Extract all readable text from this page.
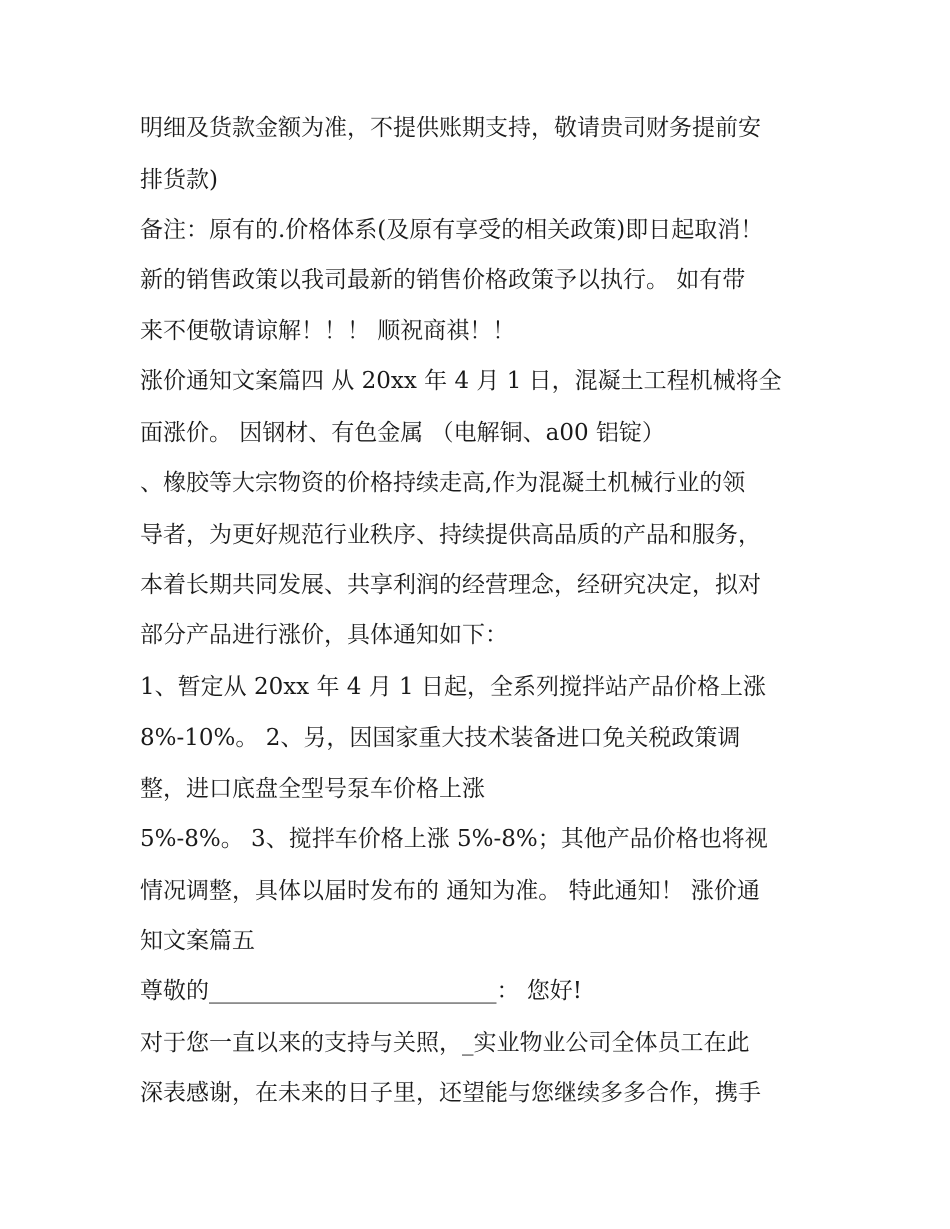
明细及货款金额为准，不提供账期支持，敬请贵司财务提前安
排货款)
备注：原有的.价格体系(及原有享受的相关政策)即日起取消！
新的销售政策以我司最新的销售价格政策予以执行。 如有带
来不便敬请谅解！！！ 顺祝商祺！！
涨价通知文案篇四 从 20xx 年 4 月 1 日，混凝土工程机械将全
面涨价。 因钢材、有色金属 （电解铜、a00 铝锭）
、橡胶等大宗物资的价格持续走高,作为混凝土机械行业的领
导者，为更好规范行业秩序、持续提供高品质的产品和服务，
本着长期共同发展、共享利润的经营理念，经研究决定，拟对
部分产品进行涨价，具体通知如下：
1、暂定从 20xx 年 4 月 1 日起，全系列搅拌站产品价格上涨
8%-10%。 2、另，因国家重大技术装备进口免关税政策调
整，进口底盘全型号泵车价格上涨
5%-8%。 3、搅拌车价格上涨 5%-8%；其他产品价格也将视
情况调整，具体以届时发布的 通知为准。 特此通知！ 涨价通
知文案篇五
尊敬的_________________________： 您好!
对于您一直以来的支持与关照，_实业物业公司全体员工在此
深表感谢，在未来的日子里，还望能与您继续多多合作，携手
